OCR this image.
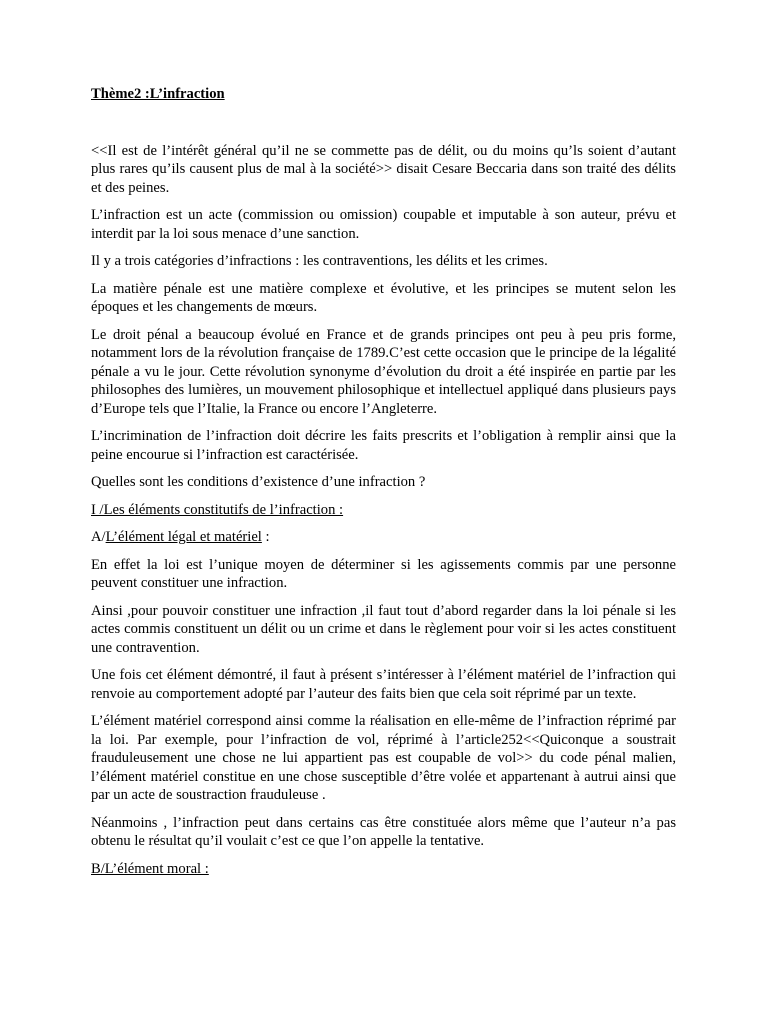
Thème2 :L’infraction

<<Il est de l’intérêt général qu’il ne se commette pas de délit, ou du moins qu’ls soient d’autant plus rares qu’ils causent plus de mal à la société>> disait Cesare Beccaria dans son traité des délits et des peines.

L’infraction est un acte (commission ou omission) coupable et imputable à son auteur, prévu et interdit par la loi sous menace d’une sanction.

Il y a trois catégories d’infractions : les contraventions, les délits et les crimes.

La matière pénale est une matière complexe et évolutive, et les principes se mutent selon les époques et les changements de mœurs.

Le droit pénal a beaucoup évolué en France et de grands principes ont peu à peu pris forme, notamment lors de la révolution française de 1789.C’est cette occasion que le principe de la légalité pénale a vu le jour. Cette révolution synonyme d’évolution du droit a été inspirée en partie par les philosophes des lumières, un mouvement philosophique et intellectuel appliqué dans plusieurs pays d’Europe tels que l’Italie, la France ou encore l’Angleterre.

L’incrimination de l’infraction doit décrire les faits prescrits et l’obligation à remplir ainsi que la peine encourue si l’infraction est caractérisée.

Quelles sont les conditions d’existence d’une infraction ?

I /Les éléments constitutifs de l’infraction :

A/L’élément légal et matériel :

En effet la loi est l’unique moyen de déterminer si les agissements commis par une personne peuvent constituer une infraction.

Ainsi ,pour pouvoir constituer une infraction ,il faut tout d’abord regarder dans la loi pénale si les actes commis constituent un délit ou un crime et dans le règlement pour voir si les actes constituent une contravention.

Une fois cet élément démontré, il faut à présent s’intéresser à l’élément matériel de l’infraction qui renvoie au comportement adopté par l’auteur des faits bien que cela soit réprimé par un texte.

L’élément matériel correspond ainsi comme la réalisation en elle-même de l’infraction réprimé par la loi. Par exemple, pour l’infraction de vol, réprimé à l’article252<<Quiconque a soustrait frauduleusement une chose ne lui appartient pas est coupable de vol>> du code pénal malien, l’élément matériel constitue en une chose susceptible d’être volée et appartenant à autrui ainsi que par un acte de soustraction frauduleuse .

Néanmoins , l’infraction peut dans certains cas être constituée alors même que l’auteur n’a pas obtenu le résultat qu’il voulait c’est ce que l’on appelle la tentative.

B/L’élément moral :
